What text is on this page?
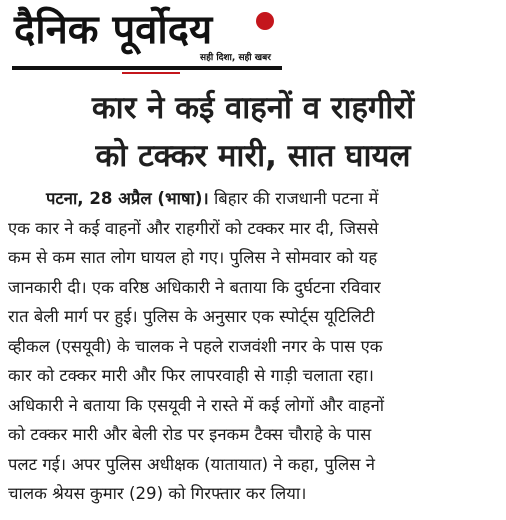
दैनिक पूर्वोदय
सही दिशा, सही खबर
कार ने कई वाहनों व राहगीरों
को टक्कर मारी, सात घायल
पटना, 28 अप्रैल (भाषा)। बिहार की राजधानी पटना में
एक कार ने कई वाहनों और राहगीरों को टक्कर मार दी, जिससे
कम से कम सात लोग घायल हो गए। पुलिस ने सोमवार को यह
जानकारी दी। एक वरिष्ठ अधिकारी ने बताया कि दुर्घटना रविवार
रात बेली मार्ग पर हुई। पुलिस के अनुसार एक स्पोर्ट्स यूटिलिटी
व्हीकल (एसयूवी) के चालक ने पहले राजवंशी नगर के पास एक
कार को टक्कर मारी और फिर लापरवाही से गाड़ी चलाता रहा।
अधिकारी ने बताया कि एसयूवी ने रास्ते में कई लोगों और वाहनों
को टक्कर मारी और बेली रोड पर इनकम टैक्स चौराहे के पास
पलट गई। अपर पुलिस अधीक्षक (यातायात) ने कहा, पुलिस ने
चालक श्रेयस कुमार (29) को गिरफ्तार कर लिया।
